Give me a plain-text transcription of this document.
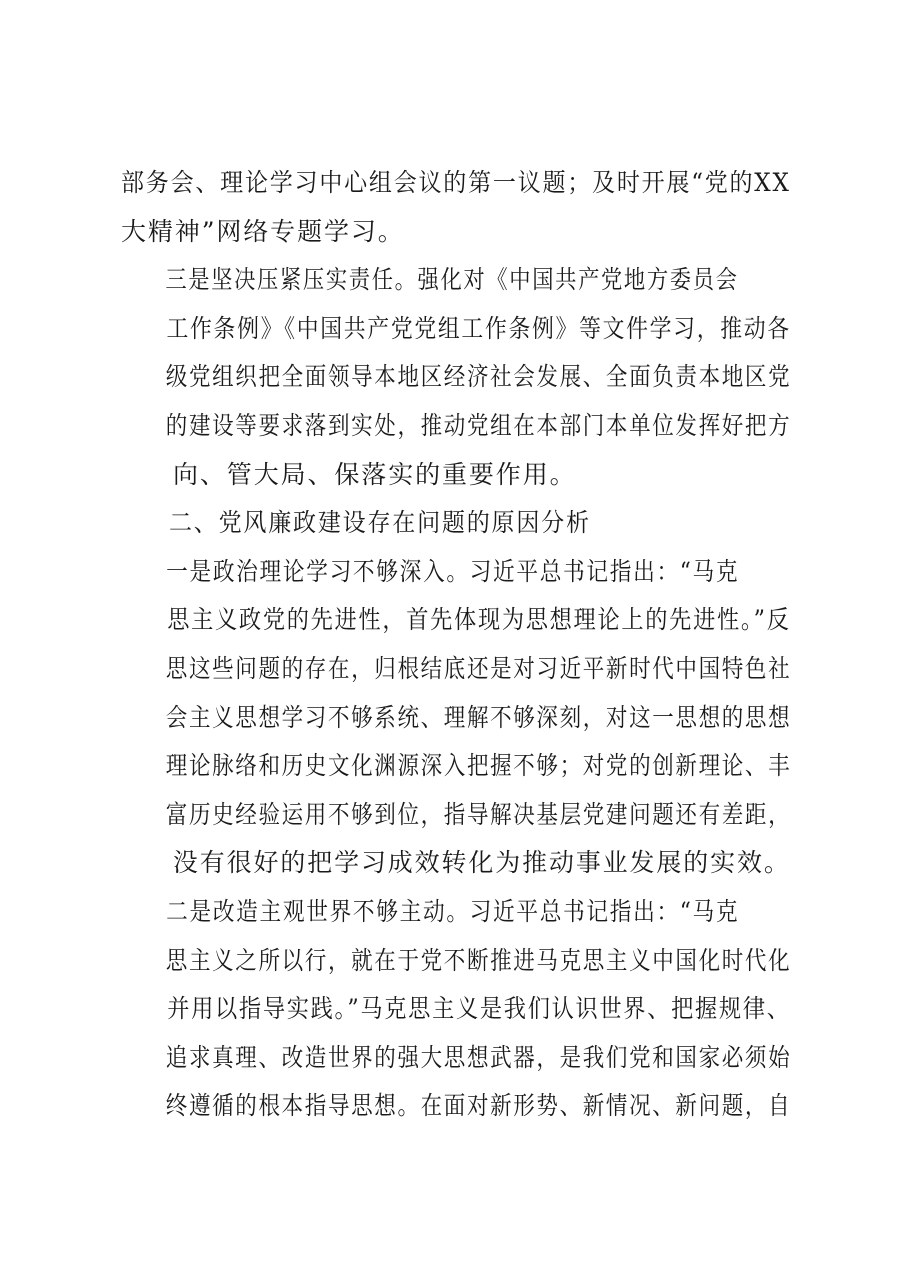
部务会、理论学习中心组会议的第一议题；及时开展“党的XX
大精神”网络专题学习。
三是坚决压紧压实责任。强化对《中国共产党地方委员会
工作条例》《中国共产党党组工作条例》等文件学习，推动各
级党组织把全面领导本地区经济社会发展、全面负责本地区党
的建设等要求落到实处，推动党组在本部门本单位发挥好把方
向、管大局、保落实的重要作用。
二、党风廉政建设存在问题的原因分析
一是政治理论学习不够深入。习近平总书记指出：“马克
思主义政党的先进性，首先体现为思想理论上的先进性。”反
思这些问题的存在，归根结底还是对习近平新时代中国特色社
会主义思想学习不够系统、理解不够深刻，对这一思想的思想
理论脉络和历史文化渊源深入把握不够；对党的创新理论、丰
富历史经验运用不够到位，指导解决基层党建问题还有差距，
没有很好的把学习成效转化为推动事业发展的实效。
二是改造主观世界不够主动。习近平总书记指出：“马克
思主义之所以行，就在于党不断推进马克思主义中国化时代化
并用以指导实践。”马克思主义是我们认识世界、把握规律、
追求真理、改造世界的强大思想武器，是我们党和国家必须始
终遵循的根本指导思想。在面对新形势、新情况、新问题，自
